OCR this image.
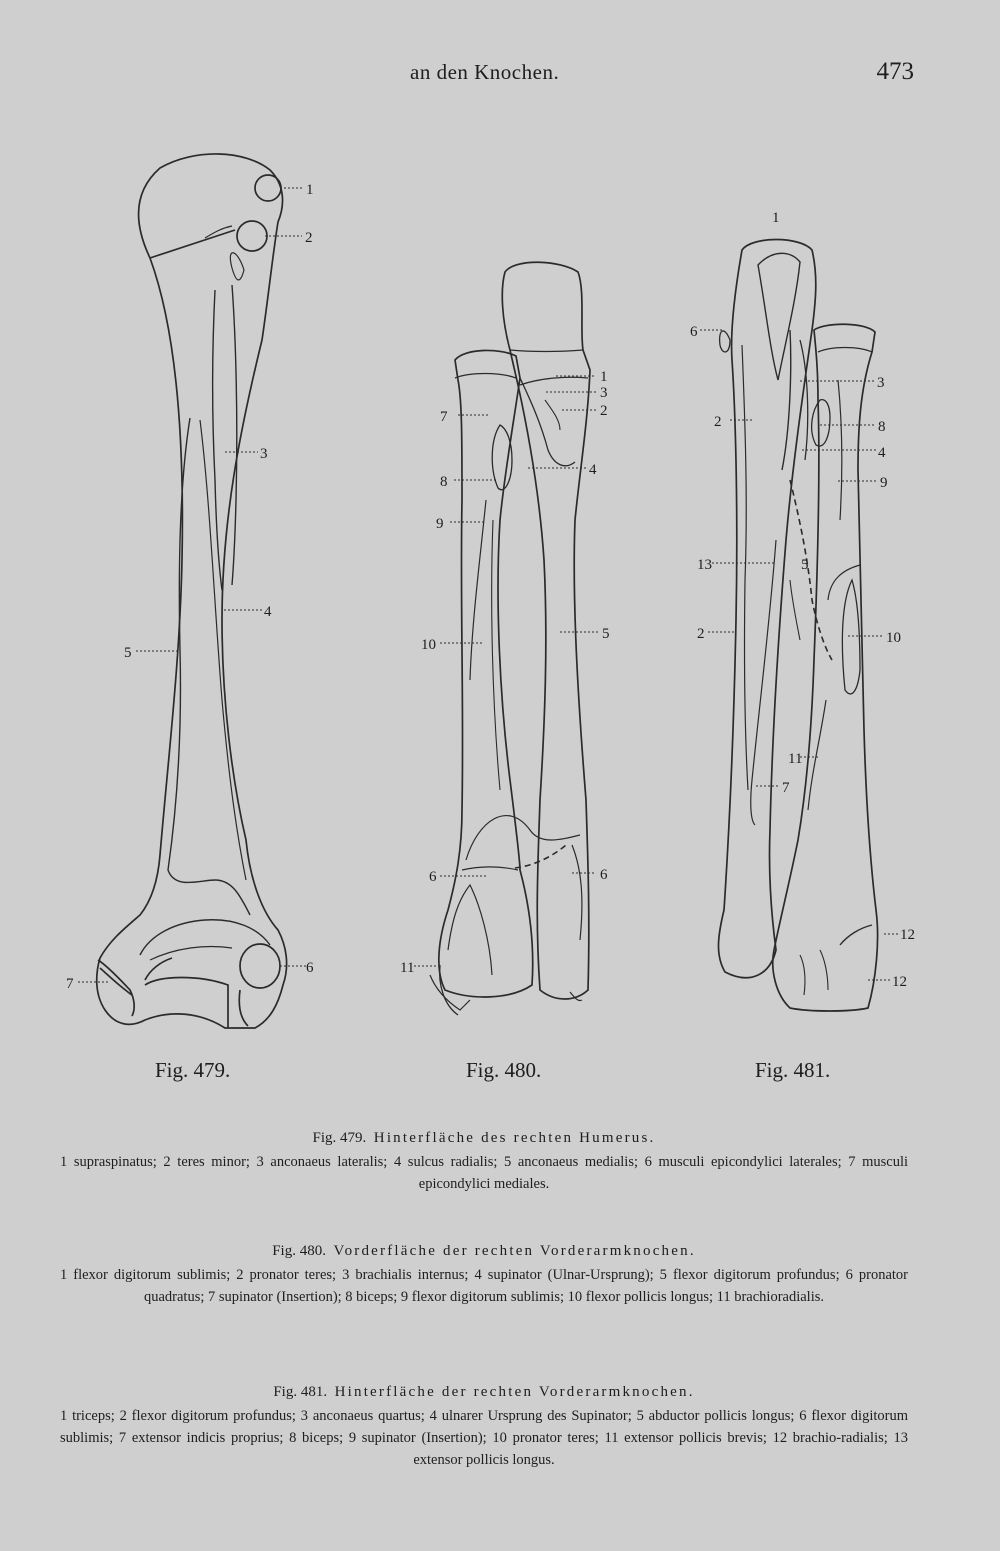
an den Knochen.	473
1
2
3
4
5
6
7
1
3
2
7
4
8
9
10
5
6	6
11
1
6
3
2	8
4
9
13	5
2	10
11
7
12
12
Fig. 479.	Fig. 480.	Fig. 481.
Fig. 479. Hinterfläche des rechten Humerus.
1 supraspinatus; 2 teres minor; 3 anconaeus lateralis; 4 sulcus radialis; 5 anconaeus medialis; 6 musculi epicondylici laterales; 7 musculi epicondylici mediales.
Fig. 480. Vorderfläche der rechten Vorderarmknochen.
1 flexor digitorum sublimis; 2 pronator teres; 3 brachialis internus; 4 supinator (Ulnar-Ursprung); 5 flexor digitorum profundus; 6 pronator quadratus; 7 supinator (Insertion); 8 biceps; 9 flexor digitorum sublimis; 10 flexor pollicis longus; 11 brachioradialis.
Fig. 481. Hinterfläche der rechten Vorderarmknochen.
1 triceps; 2 flexor digitorum profundus; 3 anconaeus quartus; 4 ulnarer Ursprung des Supinator; 5 abductor pollicis longus; 6 flexor digitorum sublimis; 7 extensor indicis proprius; 8 biceps; 9 supinator (Insertion); 10 pronator teres; 11 extensor pollicis brevis; 12 brachio-radialis; 13 extensor pollicis longus.
